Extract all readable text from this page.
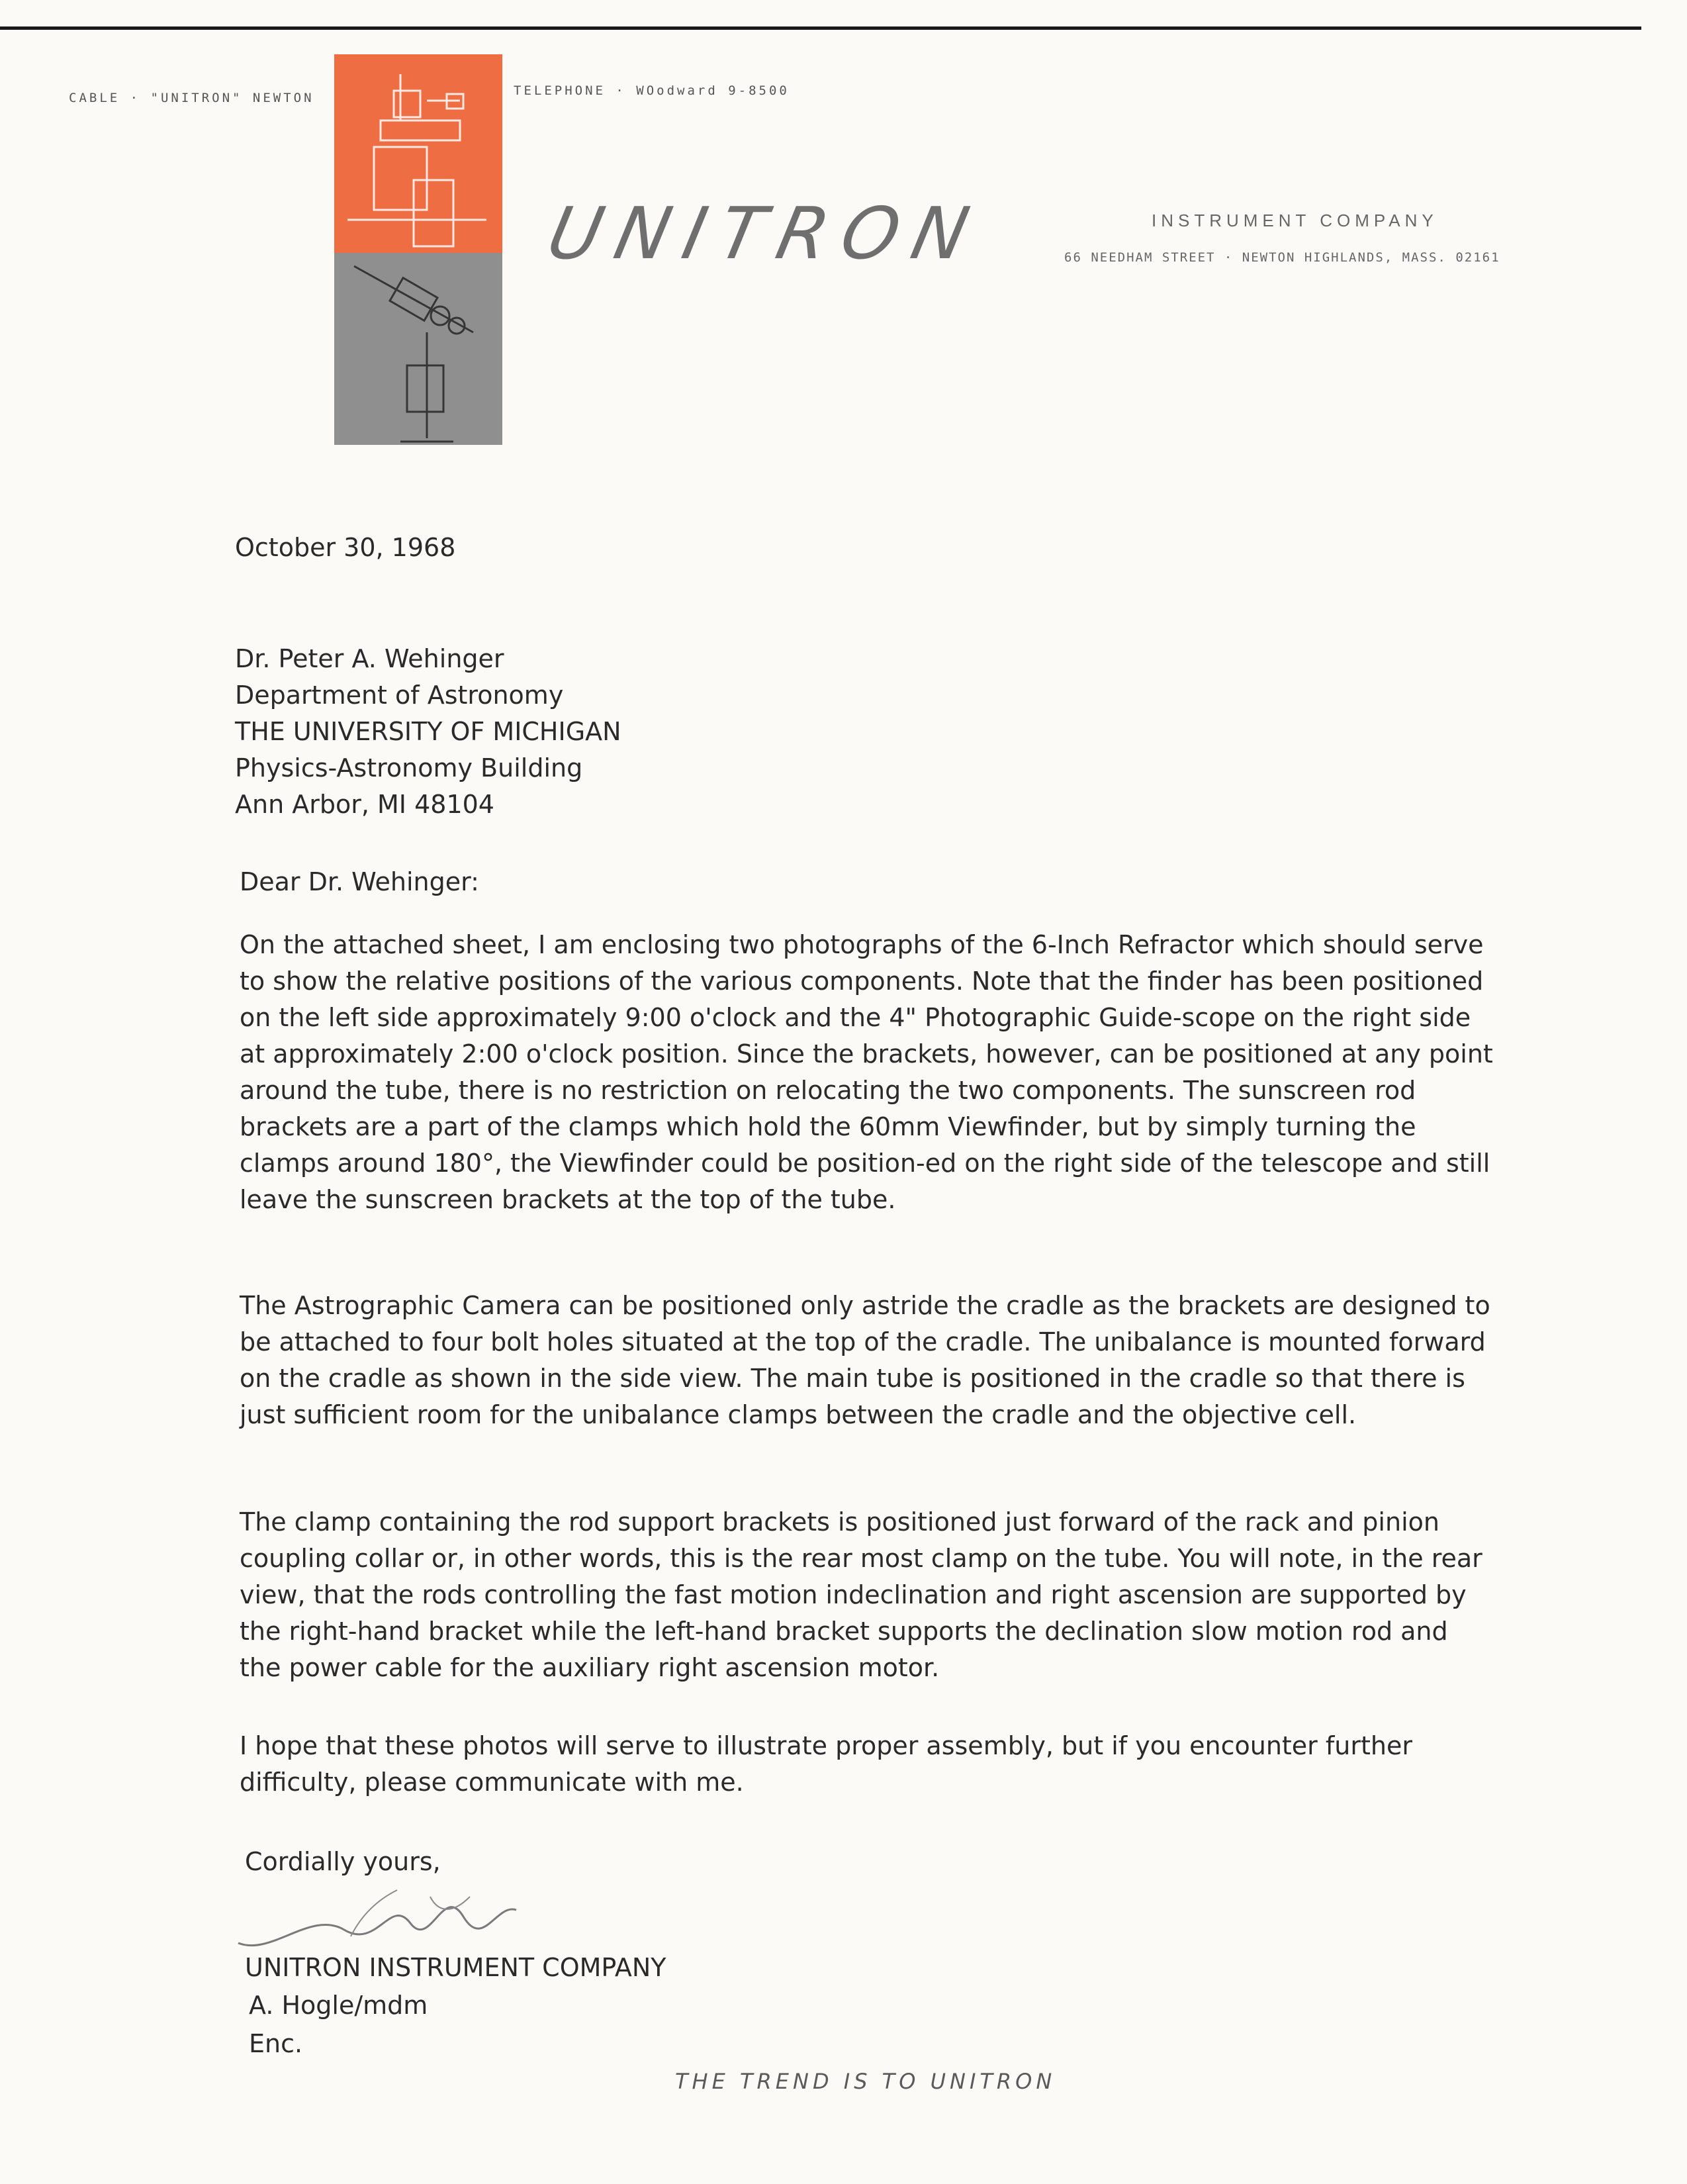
CABLE · "UNITRON" NEWTON	TELEPHONE · WOodward 9-8500
UNITRON	INSTRUMENT COMPANY
66 NEEDHAM STREET · NEWTON HIGHLANDS, MASS. 02161
October 30, 1968
Dr. Peter A. Wehinger
Department of Astronomy
THE UNIVERSITY OF MICHIGAN
Physics-Astronomy Building
Ann Arbor, MI 48104
Dear Dr. Wehinger:
On the attached sheet, I am enclosing two photographs of the 6-Inch Refractor which should serve to show the relative positions of the various components. Note that the finder has been positioned on the left side approximately 9:00 o'clock and the 4" Photographic Guide-scope on the right side at approximately 2:00 o'clock position. Since the brackets, however, can be positioned at any point around the tube, there is no restriction on relocating the two components. The sunscreen rod brackets are a part of the clamps which hold the 60mm Viewfinder, but by simply turning the clamps around 180°, the Viewfinder could be position-ed on the right side of the telescope and still leave the sunscreen brackets at the top of the tube.
The Astrographic Camera can be positioned only astride the cradle as the brackets are designed to be attached to four bolt holes situated at the top of the cradle. The unibalance is mounted forward on the cradle as shown in the side view. The main tube is positioned in the cradle so that there is just sufficient room for the unibalance clamps between the cradle and the objective cell.
The clamp containing the rod support brackets is positioned just forward of the rack and pinion coupling collar or, in other words, this is the rear most clamp on the tube. You will note, in the rear view, that the rods controlling the fast motion indeclination and right ascension are supported by the right-hand bracket while the left-hand bracket supports the declination slow motion rod and the power cable for the auxiliary right ascension motor.
I hope that these photos will serve to illustrate proper assembly, but if you encounter further difficulty, please communicate with me.
Cordially yours,
UNITRON INSTRUMENT COMPANY
A. Hogle/mdm
Enc.
THE TREND IS TO UNITRON
